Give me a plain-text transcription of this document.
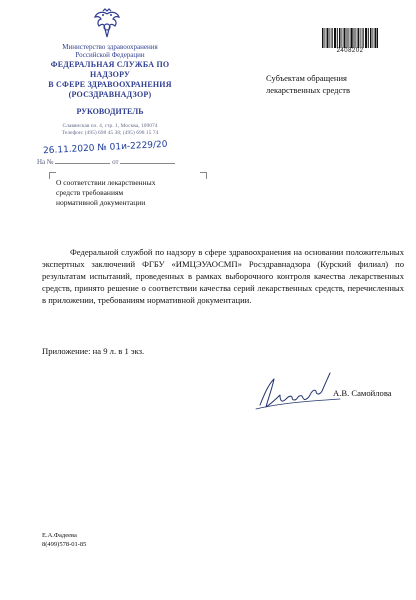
Министерство здравоохранения
Российской Федерации
ФЕДЕРАЛЬНАЯ СЛУЖБА ПО НАДЗОРУ
В СФЕРЕ ЗДРАВООХРАНЕНИЯ
(РОСЗДРАВНАДЗОР)
РУКОВОДИТЕЛЬ
Славянская пл. 4, стр. 1, Москва, 109074
Телефон: (495) 698 45 38; (495) 698 15 74
26.11.2020 № 01и-2229/20
На №	от
О соответствии лекарственных
средств требованиям
нормативной документации
2408202
Субъектам обращения
лекарственных средств
Федеральной службой по надзору в сфере здравоохранения на основании положительных экспертных заключений ФГБУ «ИМЦЭУАОСМП» Росздравнадзора (Курский филиал) по результатам испытаний, проведенных в рамках выборочного контроля качества лекарственных средств, принято решение о соответствии качества серий лекарственных средств, перечисленных в приложении, требованиям нормативной документации.
Приложение: на 9 л. в 1 экз.
А.В. Самойлова
Е.А.Фадеева
8(499)578-01-85
